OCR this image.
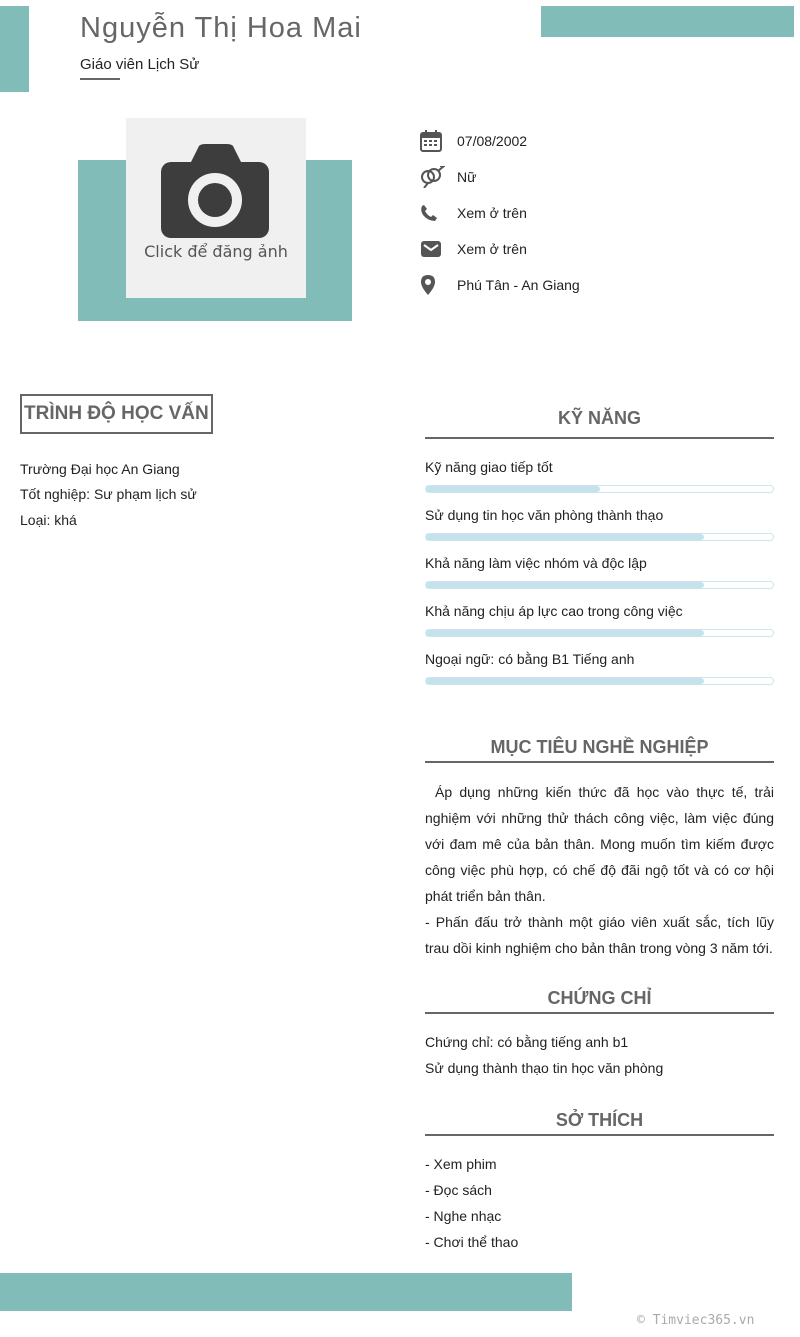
Nguyễn Thị Hoa Mai
Giáo viên Lịch Sử
Click để đăng ảnh
07/08/2002
Nữ
Xem ở trên
Xem ở trên
Phú Tân - An Giang
TRÌNH ĐỘ HỌC VẤN
Trường Đại học An Giang
Tốt nghiệp: Sư phạm lịch sử
Loại: khá
KỸ NĂNG
Kỹ năng giao tiếp tốt
Sử dụng tin học văn phòng thành thạo
Khả năng làm việc nhóm và độc lập
Khả năng chịu áp lực cao trong công việc
Ngoại ngữ: có bằng B1 Tiếng anh
MỤC TIÊU NGHỀ NGHIỆP

Áp dụng những kiến thức đã học vào thực tế, trải nghiệm với những thử thách công việc, làm việc đúng với đam mê của bản thân. Mong muốn tìm kiếm được công việc phù hợp, có chế độ đãi ngộ tốt và có cơ hội phát triển bản thân.

- Phấn đấu trở thành một giáo viên xuất sắc, tích lũy trau dồi kinh nghiệm cho bản thân trong vòng 3 năm tới.

CHỨNG CHỈ
Chứng chỉ: có bằng tiếng anh b1
Sử dụng thành thạo tin học văn phòng
SỞ THÍCH
- Xem phim
- Đọc sách
- Nghe nhạc
- Chơi thể thao
© Timviec365.vn
